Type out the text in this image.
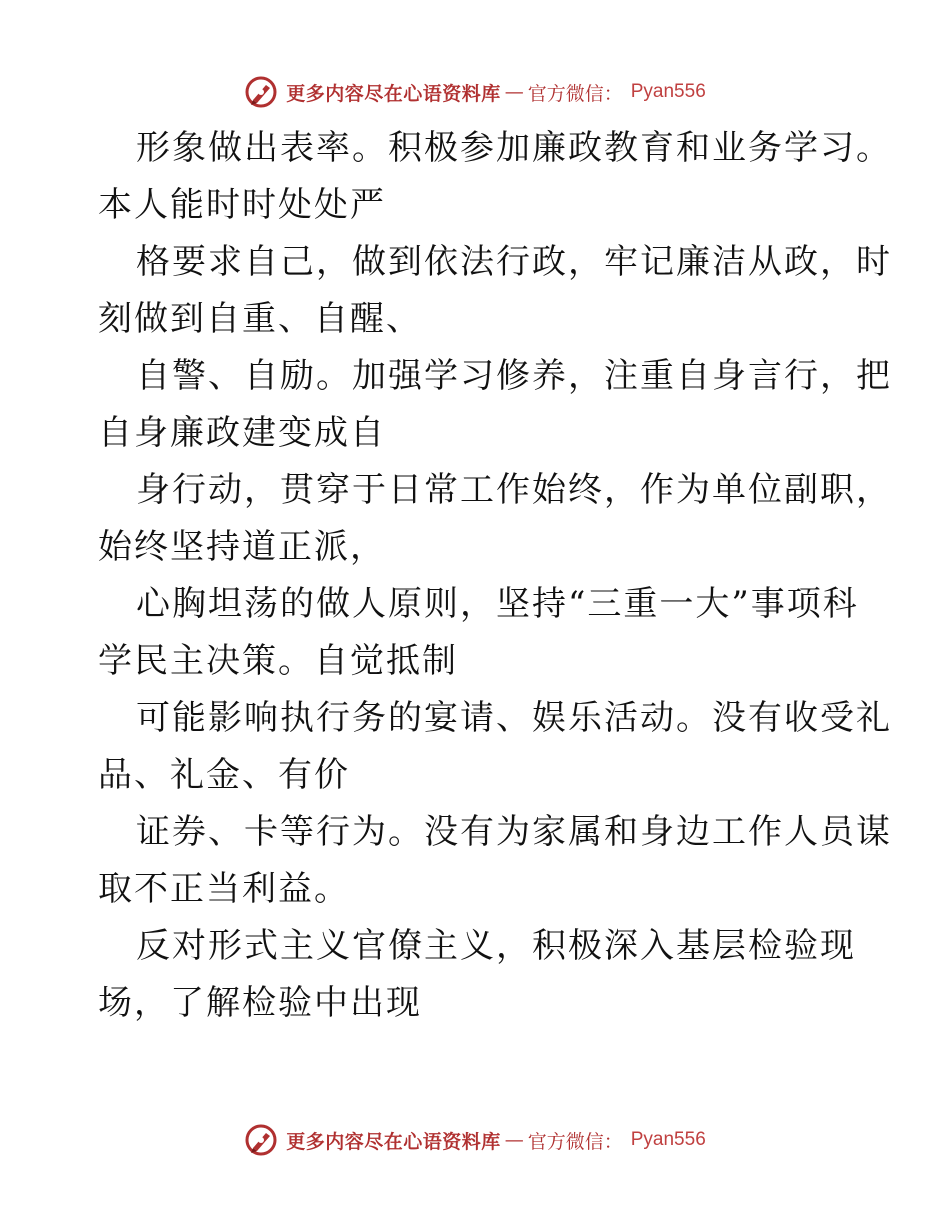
更多内容尽在心语资料库 — 官方微信： Pyan556

形象做出表率。积极参加廉政教育和业务学习。
本人能时时处处严

格要求自己，做到依法行政，牢记廉洁从政，时
刻做到自重、自醒、

自警、自励。加强学习修养，注重自身言行，把
自身廉政建变成自

身行动，贯穿于日常工作始终，作为单位副职，
始终坚持道正派，

心胸坦荡的做人原则，坚持“三重一大”事项科
学民主决策。自觉抵制

可能影响执行务的宴请、娱乐活动。没有收受礼
品、礼金、有价

证券、卡等行为。没有为家属和身边工作人员谋
取不正当利益。

反对形式主义官僚主义，积极深入基层检验现
场，了解检验中出现

更多内容尽在心语资料库 — 官方微信： Pyan556
